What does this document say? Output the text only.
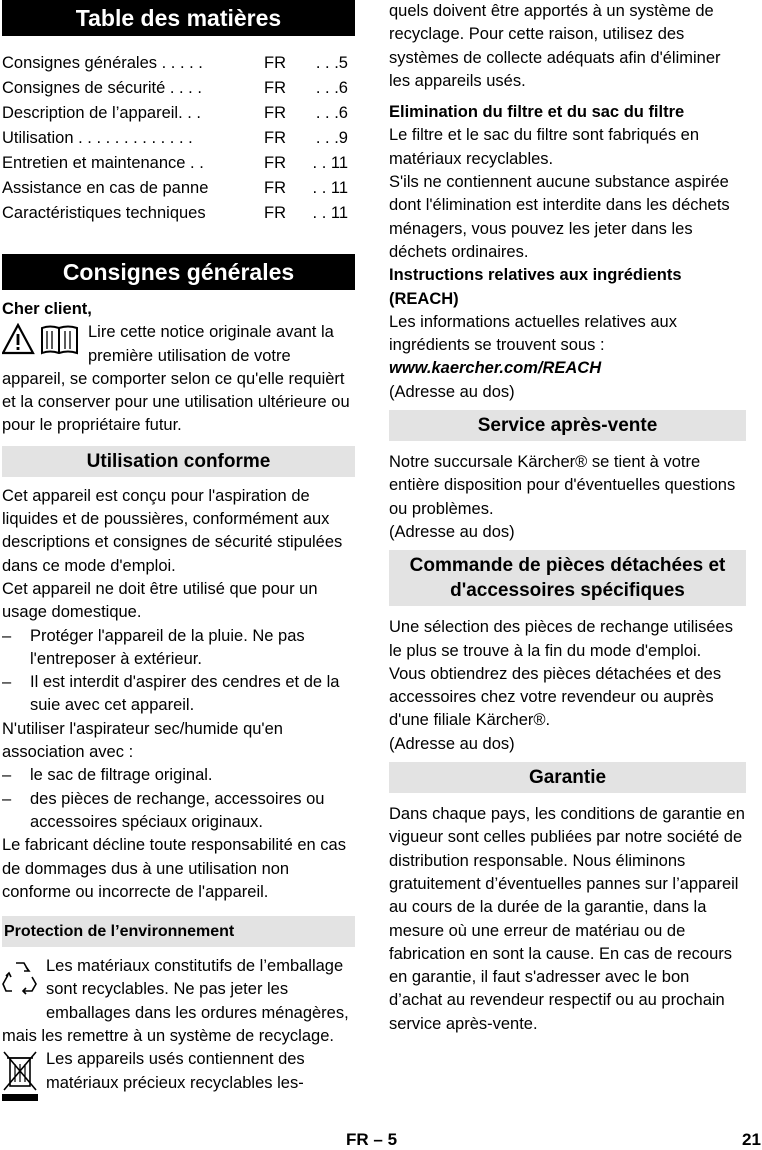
Table des matières
Consignes générales . . . . .	FR	. . .5
Consignes de sécurité . . . .	FR	. . .6
Description de l’appareil. . .	FR	. . .6
Utilisation . . . . . . . . . . . . .	FR	. . .9
Entretien et maintenance . .	FR	. . 11
Assistance en cas de panne	FR	. . 11
Caractéristiques techniques	FR	. . 11
Consignes générales

Cher client,

Lire cette notice originale avant la première utilisation de votre appareil, se comporter selon ce qu'elle requièrt et la conserver pour une utilisation ultérieure ou pour le propriétaire futur.

Utilisation conforme

Cet appareil est conçu pour l'aspiration de liquides et de poussières, conformément aux descriptions et consignes de sécurité stipulées dans ce mode d'emploi.

Cet appareil ne doit être utilisé que pour un usage domestique.

– Protéger l'appareil de la pluie. Ne pas l'entreposer à extérieur.

– Il est interdit d'aspirer des cendres et de la suie avec cet appareil.

N'utiliser l'aspirateur sec/humide qu'en association avec :

– le sac de filtrage original.

– des pièces de rechange, accessoires ou accessoires spéciaux originaux.

Le fabricant décline toute responsabilité en cas de dommages dus à une utilisation non conforme ou incorrecte de l'appareil.

Protection de l’environnement

Les matériaux constitutifs de l’emballage sont recyclables. Ne pas jeter les emballages dans les ordures ménagères, mais les remettre à un système de recyclage.

Les appareils usés contiennent des matériaux précieux recyclables les-

quels doivent être apportés à un système de recyclage. Pour cette raison, utilisez des systèmes de collecte adéquats afin d'éliminer les appareils usés.

Elimination du filtre et du sac du filtre

Le filtre et le sac du filtre sont fabriqués en matériaux recyclables.

S'ils ne contiennent aucune substance aspirée dont l'élimination est interdite dans les déchets ménagers, vous pouvez les jeter dans les déchets ordinaires.

Instructions relatives aux ingrédients (REACH)

Les informations actuelles relatives aux ingrédients se trouvent sous :

www.kaercher.com/REACH

(Adresse au dos)

Service après-vente

Notre succursale Kärcher® se tient à votre entière disposition pour d'éventuelles questions ou problèmes.

(Adresse au dos)

Commande de pièces détachées et d'accessoires spécifiques

Une sélection des pièces de rechange utilisées le plus se trouve à la fin du mode d'emploi.

Vous obtiendrez des pièces détachées et des accessoires chez votre revendeur ou auprès d'une filiale Kärcher®.

(Adresse au dos)

Garantie

Dans chaque pays, les conditions de garantie en vigueur sont celles publiées par notre société de distribution responsable. Nous éliminons gratuitement d’éventuelles pannes sur l’appareil au cours de la durée de la garantie, dans la mesure où une erreur de matériau ou de fabrication en sont la cause. En cas de recours en garantie, il faut s'adresser avec le bon d’achat au revendeur respectif ou au prochain service après-vente.

FR – 5	21
